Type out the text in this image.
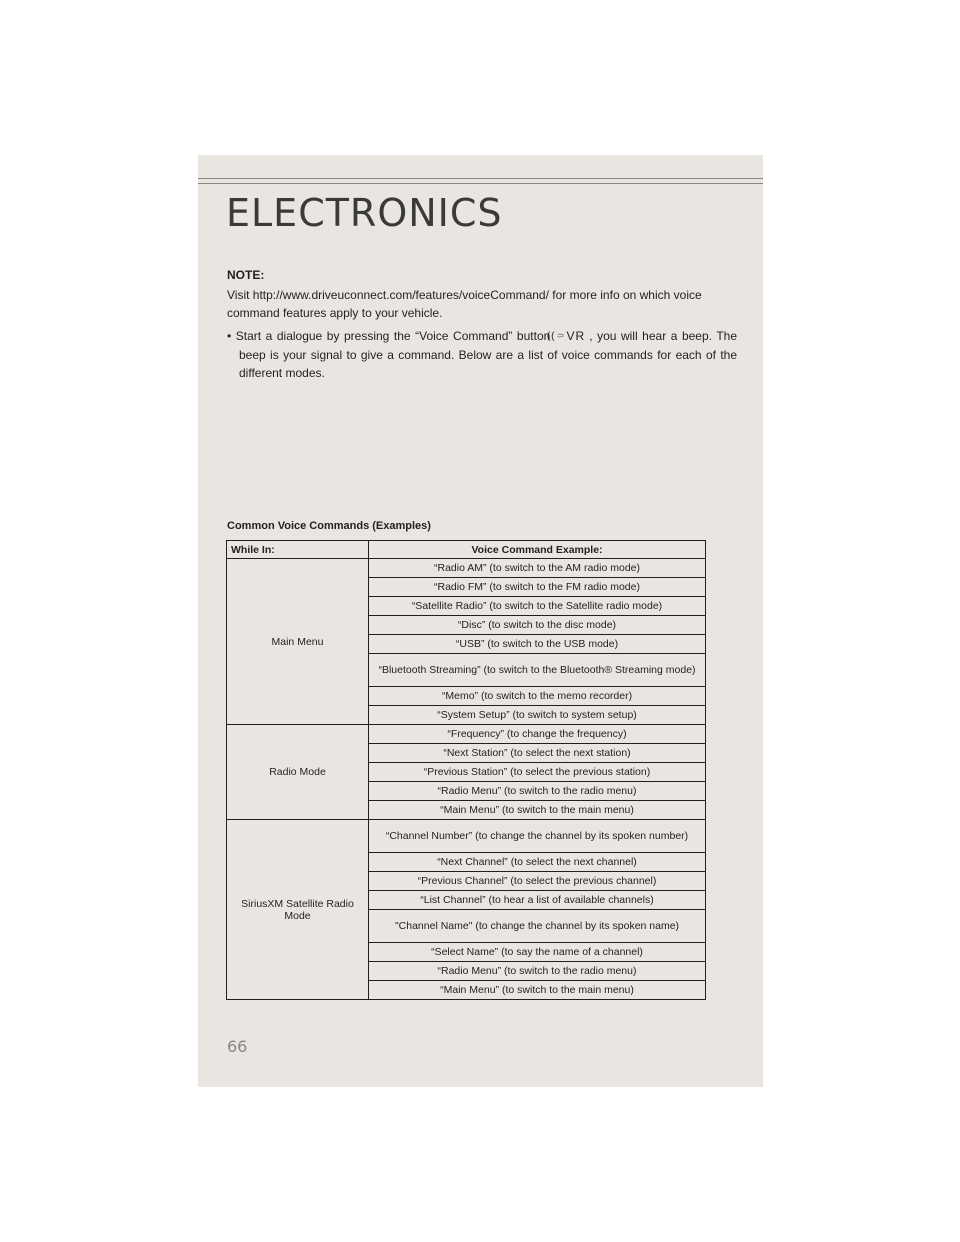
ELECTRONICS
NOTE:
Visit http://www.driveuconnect.com/features/voiceCommand/ for more info on which voice command features apply to your vehicle.
• Start a dialogue by pressing the “Voice Command” button ((⸧VR , you will hear a beep. The beep is your signal to give a command. Below are a list of voice commands for each of the different modes.
Common Voice Commands (Examples)
While In:	Voice Command Example:
Main Menu	“Radio AM” (to switch to the AM radio mode)
	“Radio FM” (to switch to the FM radio mode)
	“Satellite Radio” (to switch to the Satellite radio mode)
	“Disc” (to switch to the disc mode)
	“USB” (to switch to the USB mode)
	“Bluetooth Streaming” (to switch to the Bluetooth® Streaming mode)
	“Memo” (to switch to the memo recorder)
	“System Setup” (to switch to system setup)
Radio Mode	“Frequency” (to change the frequency)
	“Next Station” (to select the next station)
	“Previous Station” (to select the previous station)
	“Radio Menu” (to switch to the radio menu)
	“Main Menu” (to switch to the main menu)
SiriusXM Satellite Radio Mode	“Channel Number” (to change the channel by its spoken number)
	“Next Channel” (to select the next channel)
	“Previous Channel” (to select the previous channel)
	“List Channel” (to hear a list of available channels)
	"Channel Name" (to change the channel by its spoken name)
	“Select Name” (to say the name of a channel)
	“Radio Menu” (to switch to the radio menu)
	“Main Menu” (to switch to the main menu)
66
